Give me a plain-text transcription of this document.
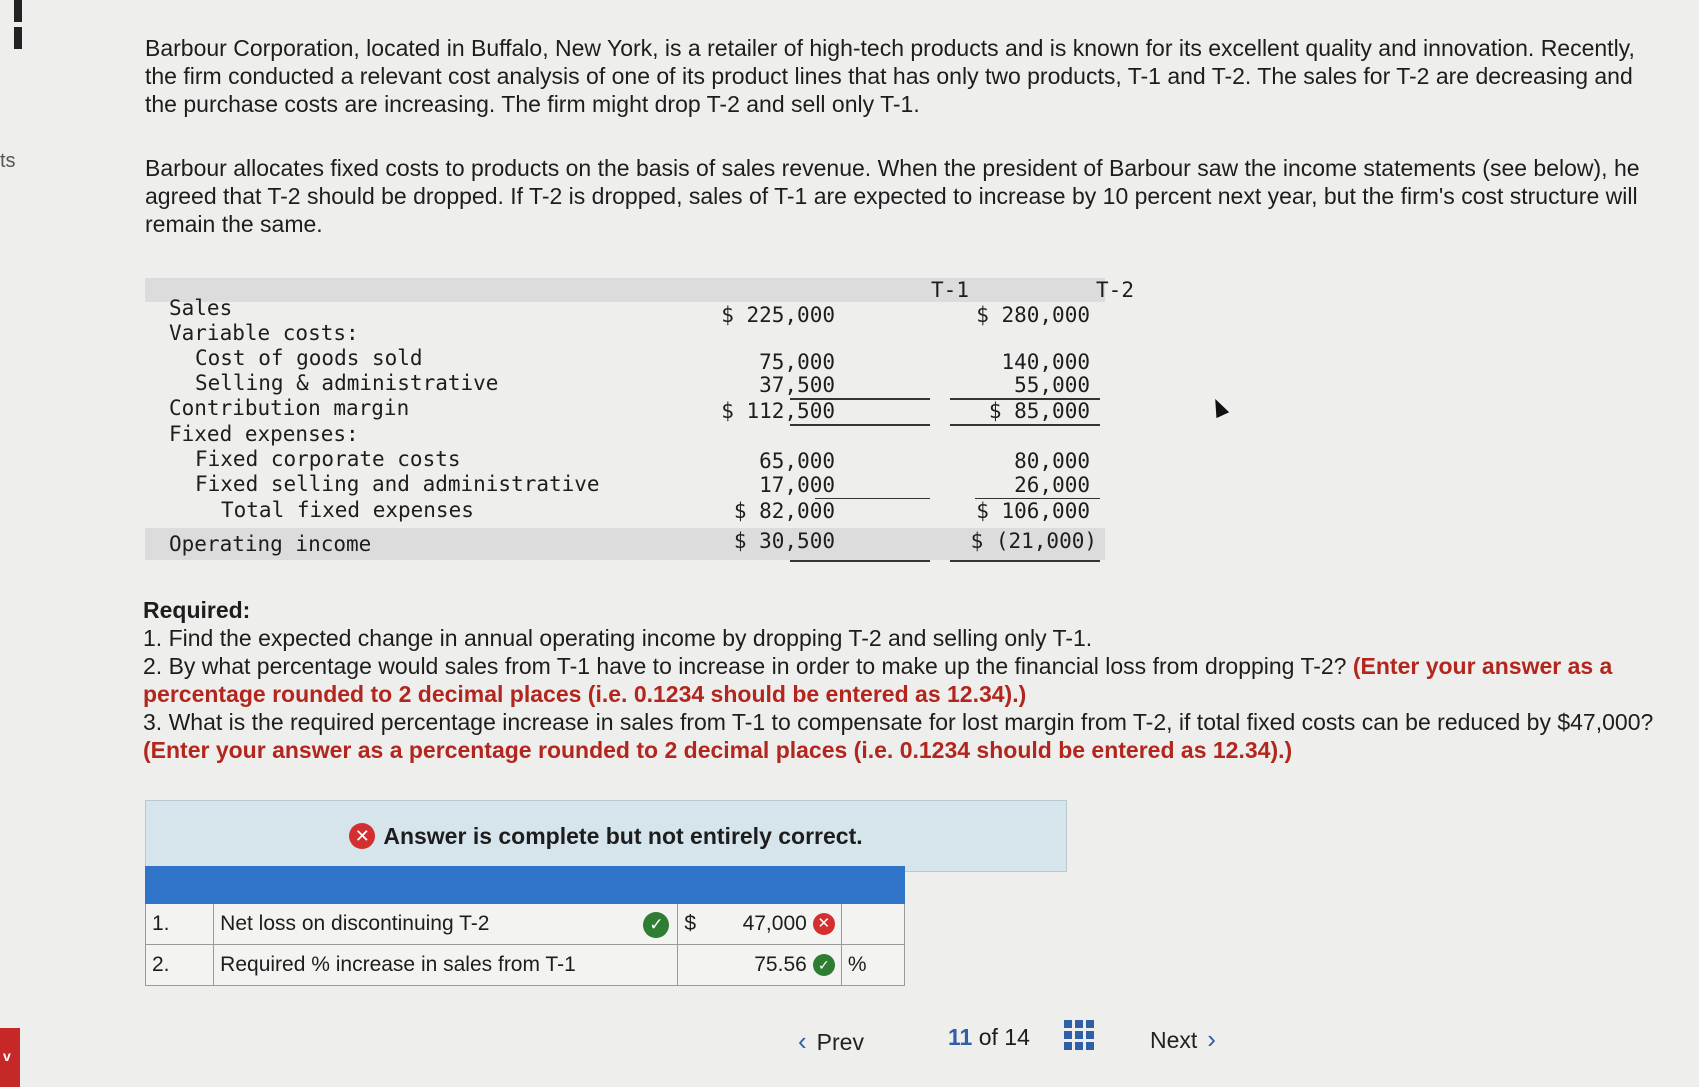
ts
v

Barbour Corporation, located in Buffalo, New York, is a retailer of high-tech products and is known for its excellent quality and innovation. Recently, the firm conducted a relevant cost analysis of one of its product lines that has only two products, T-1 and T-2. The sales for T-2 are decreasing and the purchase costs are increasing. The firm might drop T-2 and sell only T-1.

Barbour allocates fixed costs to products on the basis of sales revenue. When the president of Barbour saw the income statements (see below), he agreed that T-2 should be dropped. If T-2 is dropped, sales of T-1 are expected to increase by 10 percent next year, but the firm's cost structure will remain the same.

T-1	T-2
Sales	$ 225,000	$ 280,000
Variable costs:
Cost of goods sold	75,000	140,000
Selling & administrative	37,500	55,000
Contribution margin	$ 112,500	$ 85,000
Fixed expenses:
Fixed corporate costs	65,000	80,000
Fixed selling and administrative	17,000	26,000
Total fixed expenses	$ 82,000	$ 106,000
Operating income	$ 30,500	$ (21,000)
Required:

1. Find the expected change in annual operating income by dropping T-2 and selling only T-1.

2. By what percentage would sales from T-1 have to increase in order to make up the financial loss from dropping T-2? (Enter your answer as a percentage rounded to 2 decimal places (i.e. 0.1234 should be entered as 12.34).)

3. What is the required percentage increase in sales from T-1 to compensate for lost margin from T-2, if total fixed costs can be reduced by $47,000? (Enter your answer as a percentage rounded to 2 decimal places (i.e. 0.1234 should be entered as 12.34).)

✕ Answer is complete but not entirely correct.

1.	Net loss on discontinuing T-2 ✓	$ 47,000 ✕	

2.	Required % increase in sales from T-1	75.56 ✓	%
‹ Prev	11 of 14	Next ›
